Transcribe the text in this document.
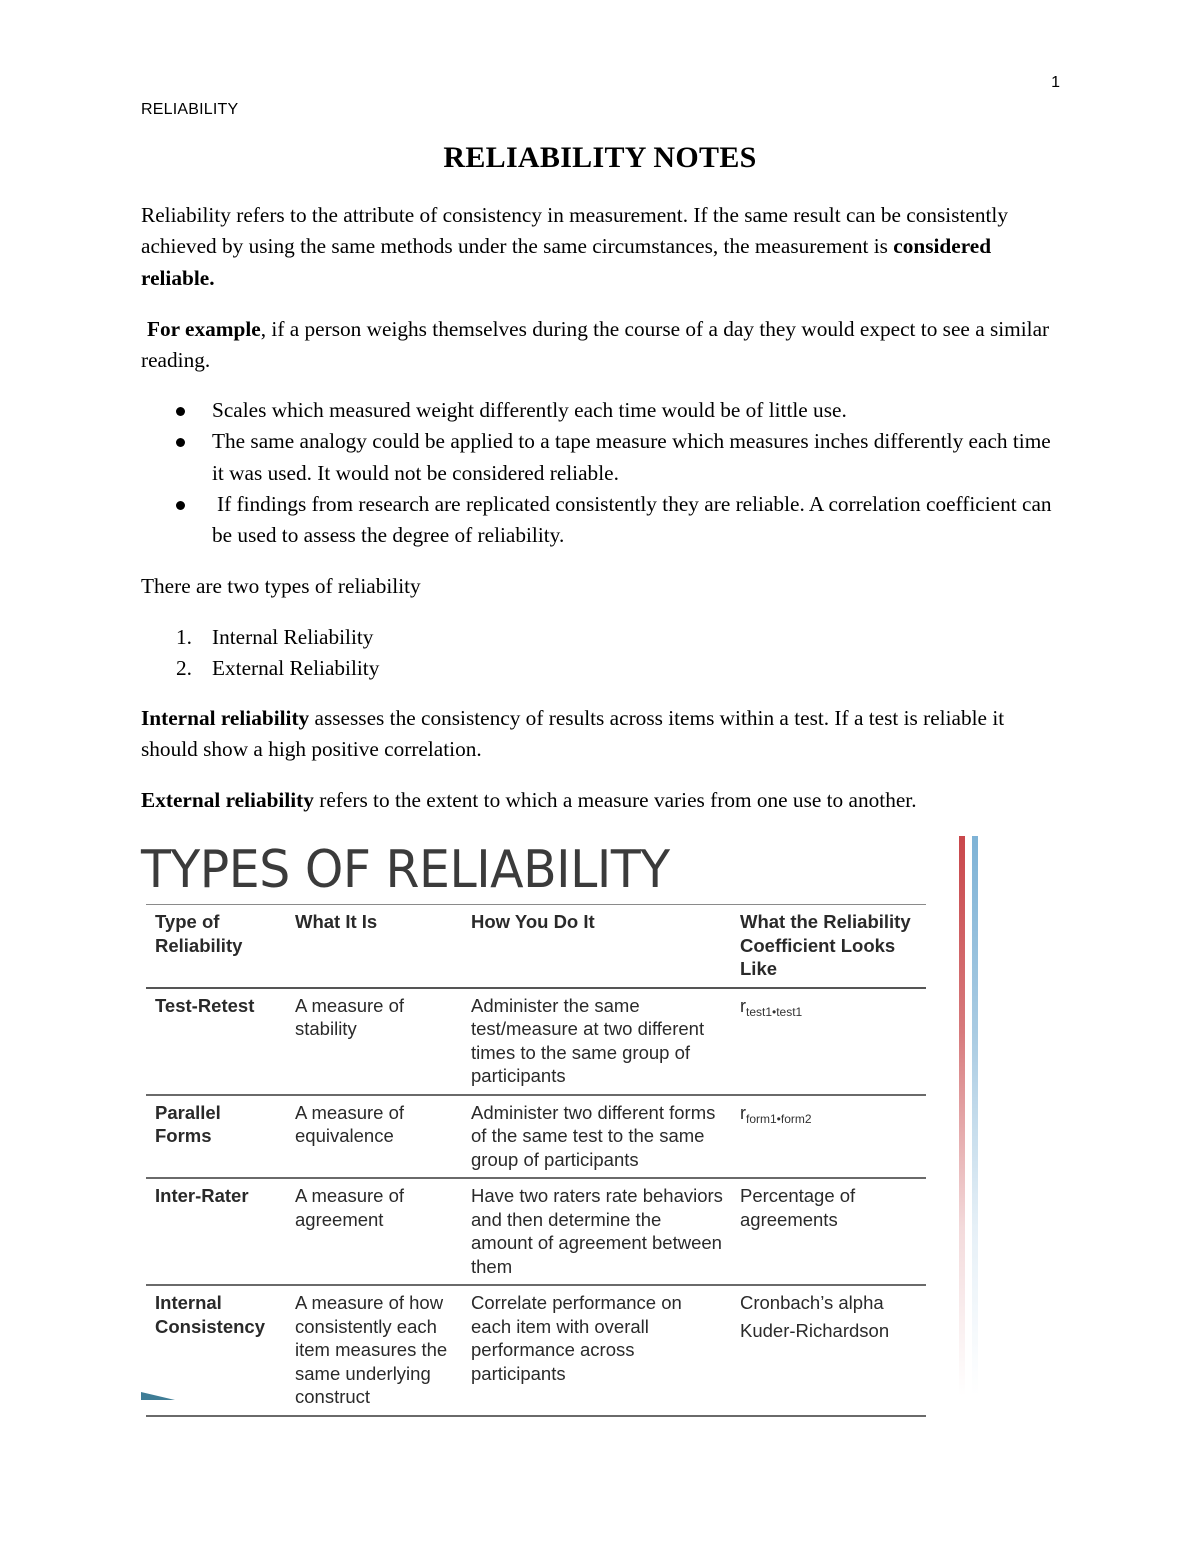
1
RELIABILITY
RELIABILITY NOTES

Reliability refers to the attribute of consistency in measurement. If the same result can be consistently achieved by using the same methods under the same circumstances, the measurement is considered reliable.

For example, if a person weighs themselves during the course of a day they would expect to see a similar reading.

Scales which measured weight differently each time would be of little use.
The same analogy could be applied to a tape measure which measures inches differently each time it was used. It would not be considered reliable.
If findings from research are replicated consistently they are reliable. A correlation coefficient can be used to assess the degree of reliability.

There are two types of reliability

1. Internal Reliability
2. External Reliability

Internal reliability assesses the consistency of results across items within a test. If a test is reliable it should show a high positive correlation.

External reliability refers to the extent to which a measure varies from one use to another.

TYPES OF RELIABILITY
Type of Reliability	What It Is	How You Do It	What the Reliability Coefficient Looks Like
Test-Retest	A measure of stability	Administer the same test/measure at two different times to the same group of participants	$r_{test1•test1}$
Parallel Forms	A measure of equivalence	Administer two different forms of the same test to the same group of participants	$r_{form1•form2}$
Inter-Rater	A measure of agreement	Have two raters rate behaviors and then determine the amount of agreement between them	Percentage of agreements
Internal Consistency	A measure of how consistently each item measures the same underlying construct	Correlate performance on each item with overall performance across participants	Cronbach’s alpha
Kuder-Richardson
